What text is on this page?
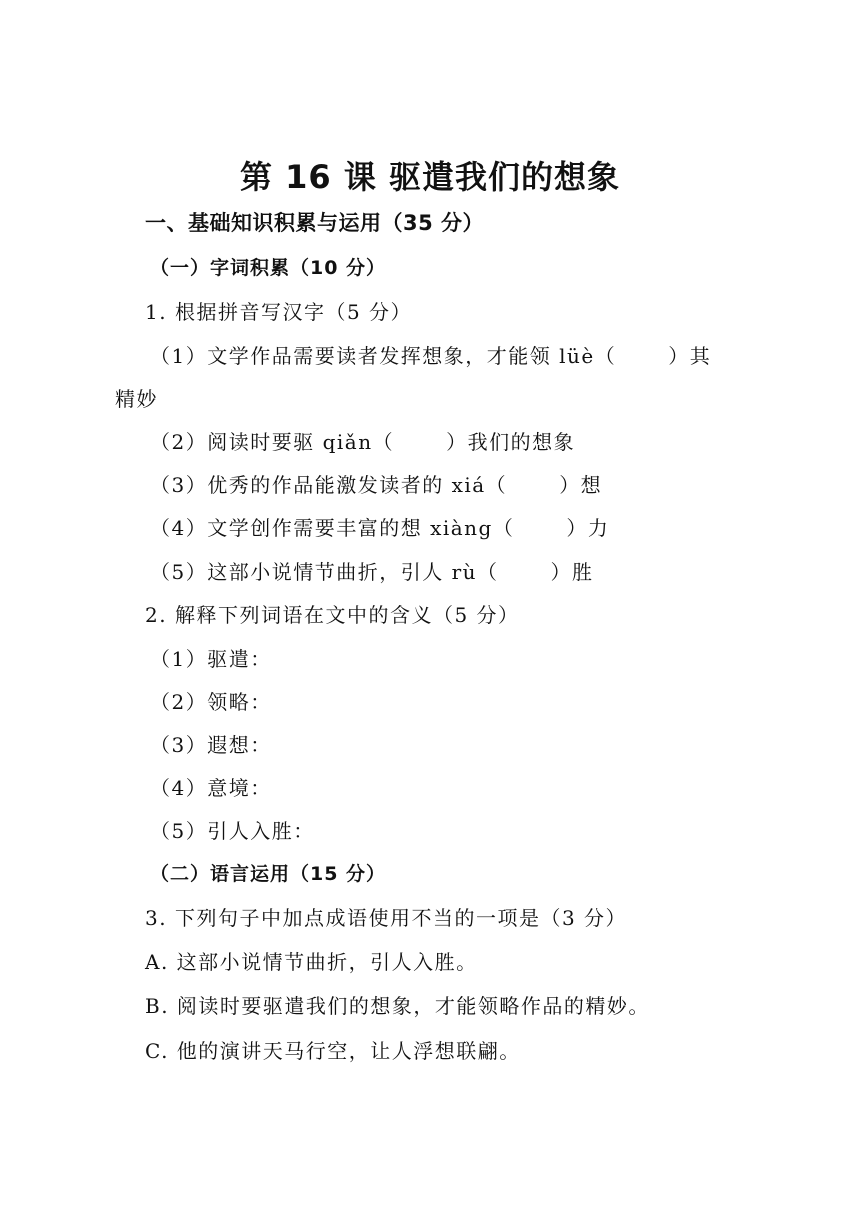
第 16 课 驱遣我们的想象
一、基础知识积累与运用（35 分）
（一）字词积累（10 分）
1. 根据拼音写汉字（5 分）
（1）文学作品需要读者发挥想象，才能领 lüè（	）其
精妙
（2）阅读时要驱 qiǎn（	）我们的想象
（3）优秀的作品能激发读者的 xiá（	）想
（4）文学创作需要丰富的想 xiàng（	）力
（5）这部小说情节曲折，引人 rù（	）胜
2. 解释下列词语在文中的含义（5 分）
（1）驱遣：
（2）领略：
（3）遐想：
（4）意境：
（5）引人入胜：
（二）语言运用（15 分）
3. 下列句子中加点成语使用不当的一项是（3 分）
A. 这部小说情节曲折，引人入胜。
B. 阅读时要驱遣我们的想象，才能领略作品的精妙。
C. 他的演讲天马行空，让人浮想联翩。
